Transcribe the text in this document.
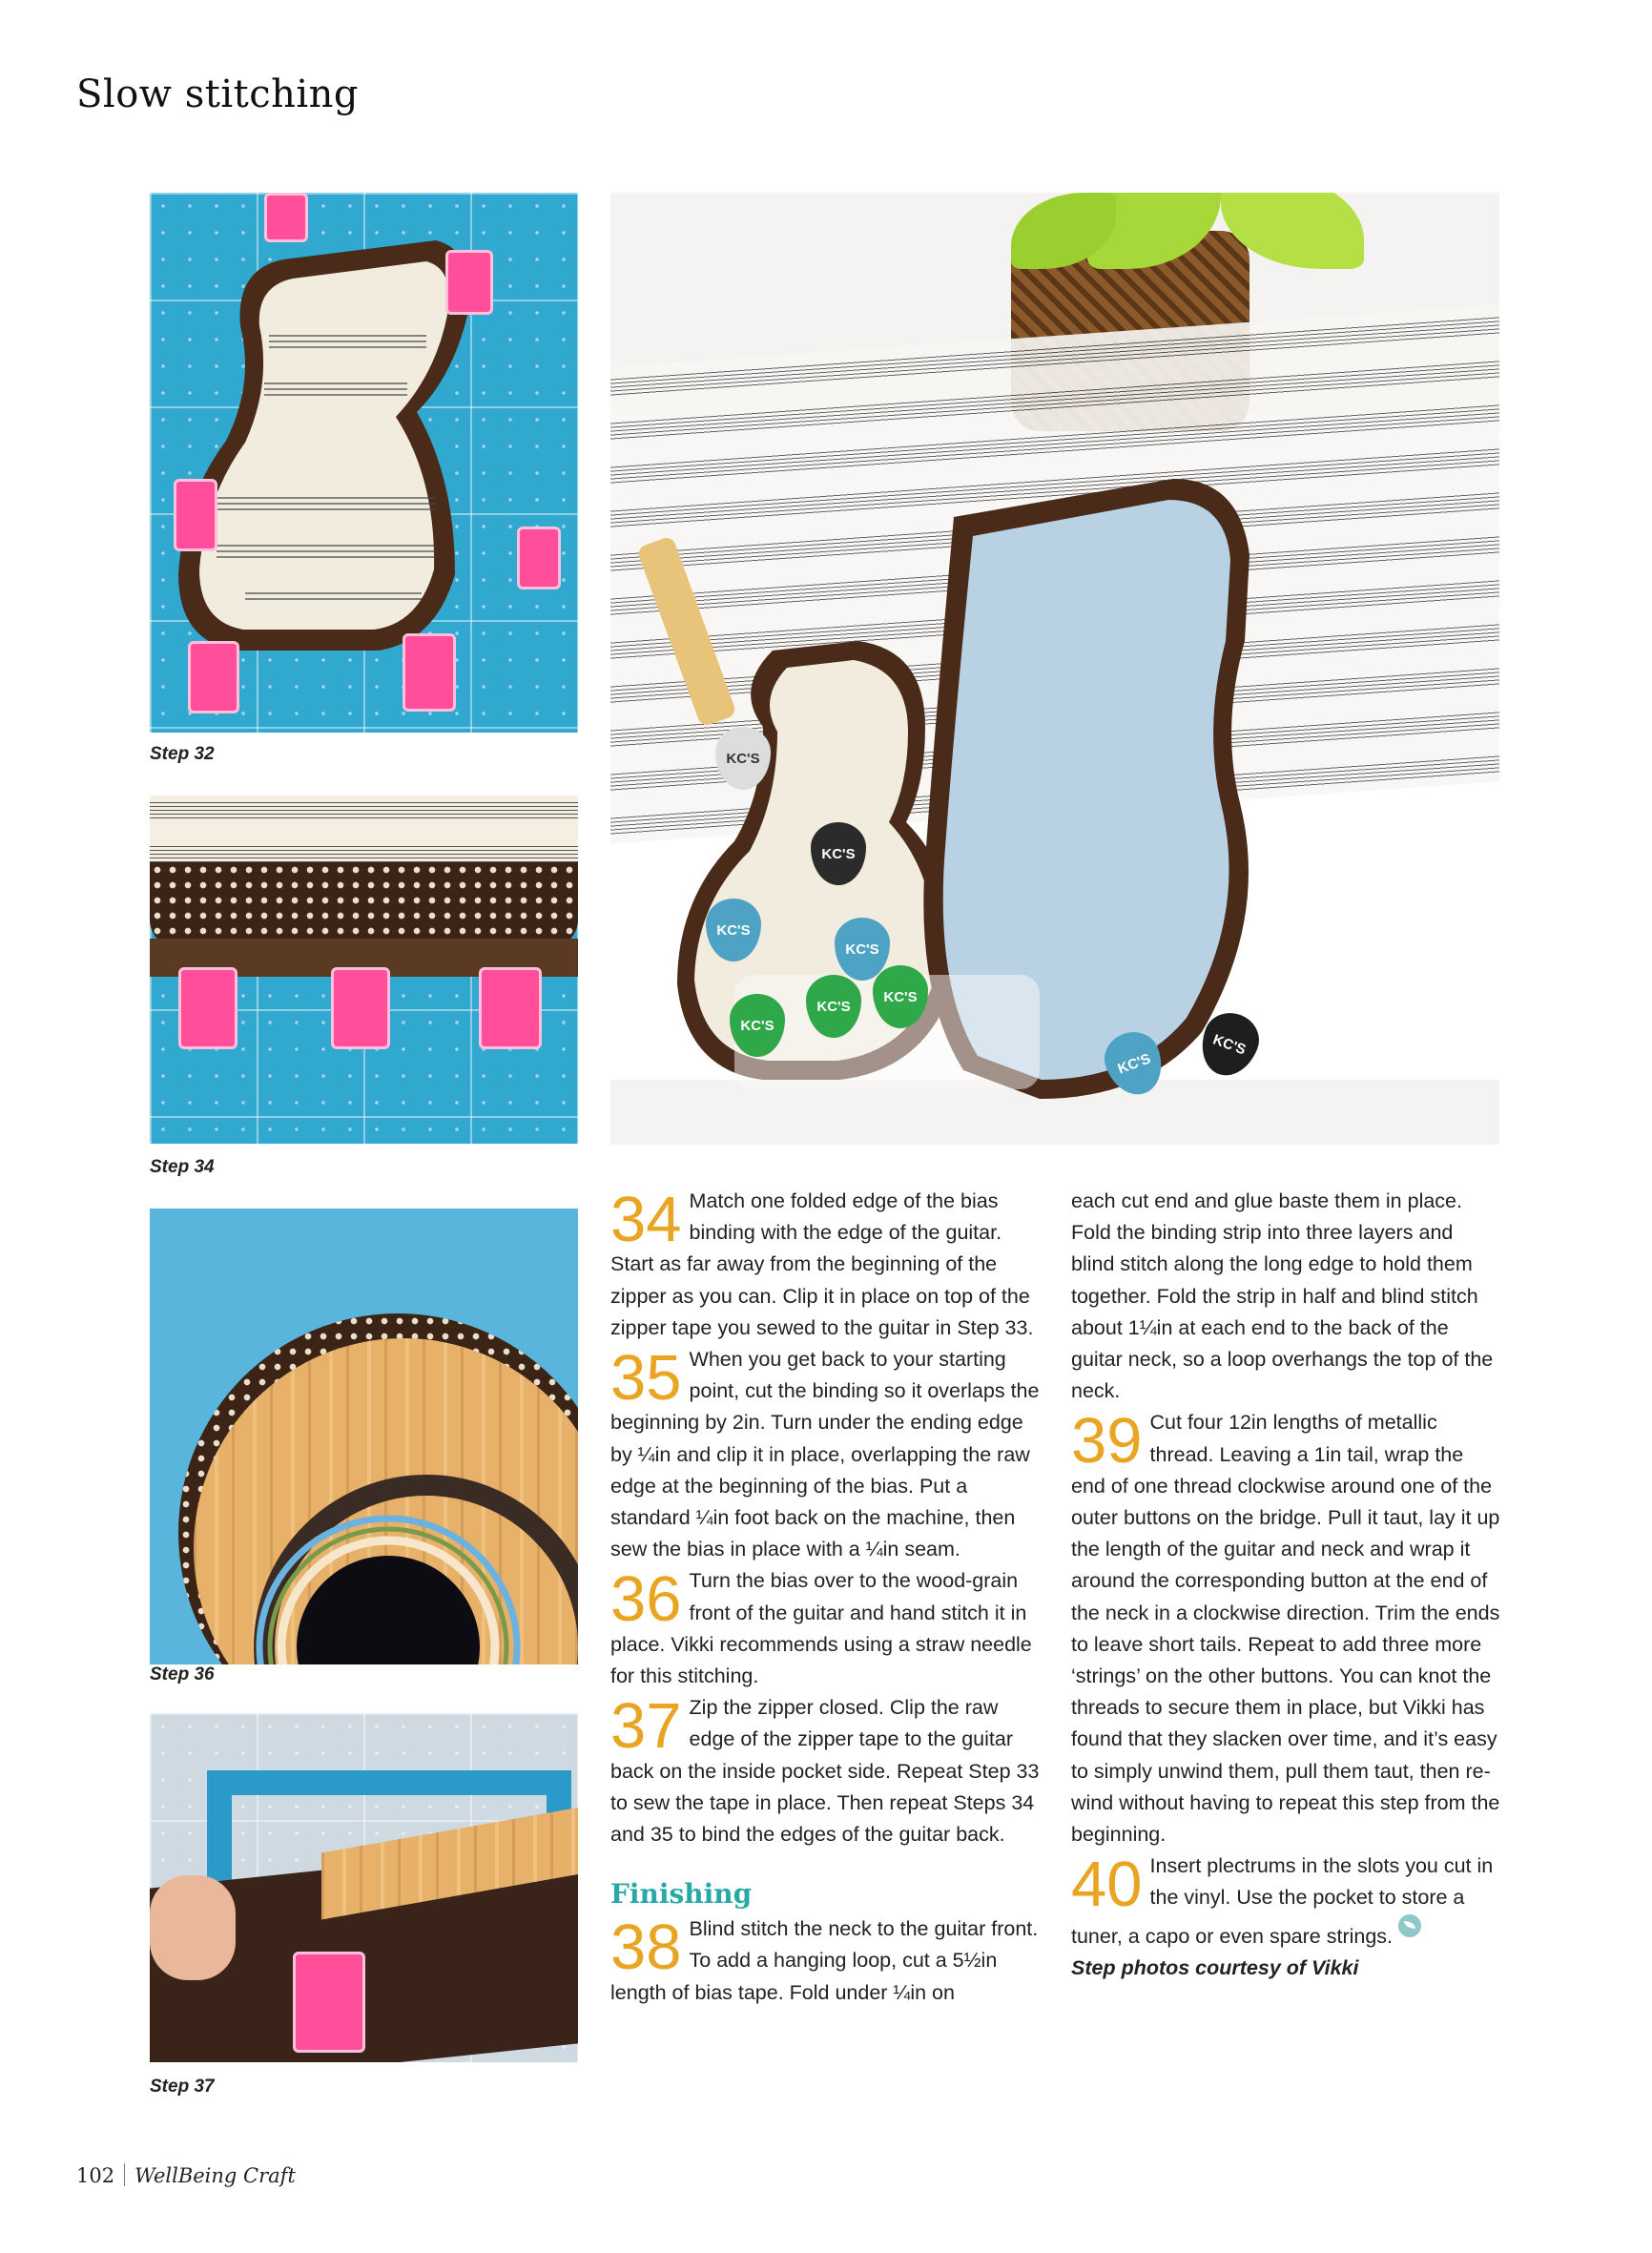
Slow stitching
Step 32
Step 34
Step 36
Step 37
KC'S
KC'S
KC'S
KC'S
KC'S
KC'S
KC'S
KC'S
KC'S

34 Match one folded edge of the bias binding with the edge of the guitar. Start as far away from the beginning of the zipper as you can. Clip it in place on top of the zipper tape you sewed to the guitar in Step 33.

35 When you get back to your starting point, cut the binding so it overlaps the beginning by 2in. Turn under the ending edge by ¼in and clip it in place, overlapping the raw edge at the beginning of the bias. Put a standard ¼in foot back on the machine, then sew the bias in place with a ¼in seam.

36 Turn the bias over to the wood-grain front of the guitar and hand stitch it in place. Vikki recommends using a straw needle for this stitching.

37 Zip the zipper closed. Clip the raw edge of the zipper tape to the guitar back on the inside pocket side. Repeat Step 33 to sew the tape in place. Then repeat Steps 34 and 35 to bind the edges of the guitar back.

Finishing

38 Blind stitch the neck to the guitar front. To add a hanging loop, cut a 5½in length of bias tape. Fold under ¼in on

each cut end and glue baste them in place. Fold the binding strip into three layers and blind stitch along the long edge to hold them together. Fold the strip in half and blind stitch about 1¼in at each end to the back of the guitar neck, so a loop overhangs the top of the neck.

39 Cut four 12in lengths of metallic thread. Leaving a 1in tail, wrap the end of one thread clockwise around one of the outer buttons on the bridge. Pull it taut, lay it up the length of the guitar and neck and wrap it around the corresponding button at the end of the neck in a clockwise direction. Trim the ends to leave short tails. Repeat to add three more ‘strings’ on the other buttons. You can knot the threads to secure them in place, but Vikki has found that they slacken over time, and it’s easy to simply unwind them, pull them taut, then re-wind without having to repeat this step from the beginning.

40 Insert plectrums in the slots you cut in the vinyl. Use the pocket to store a tuner, a capo or even spare strings.

Step photos courtesy of Vikki

102 WellBeing Craft
